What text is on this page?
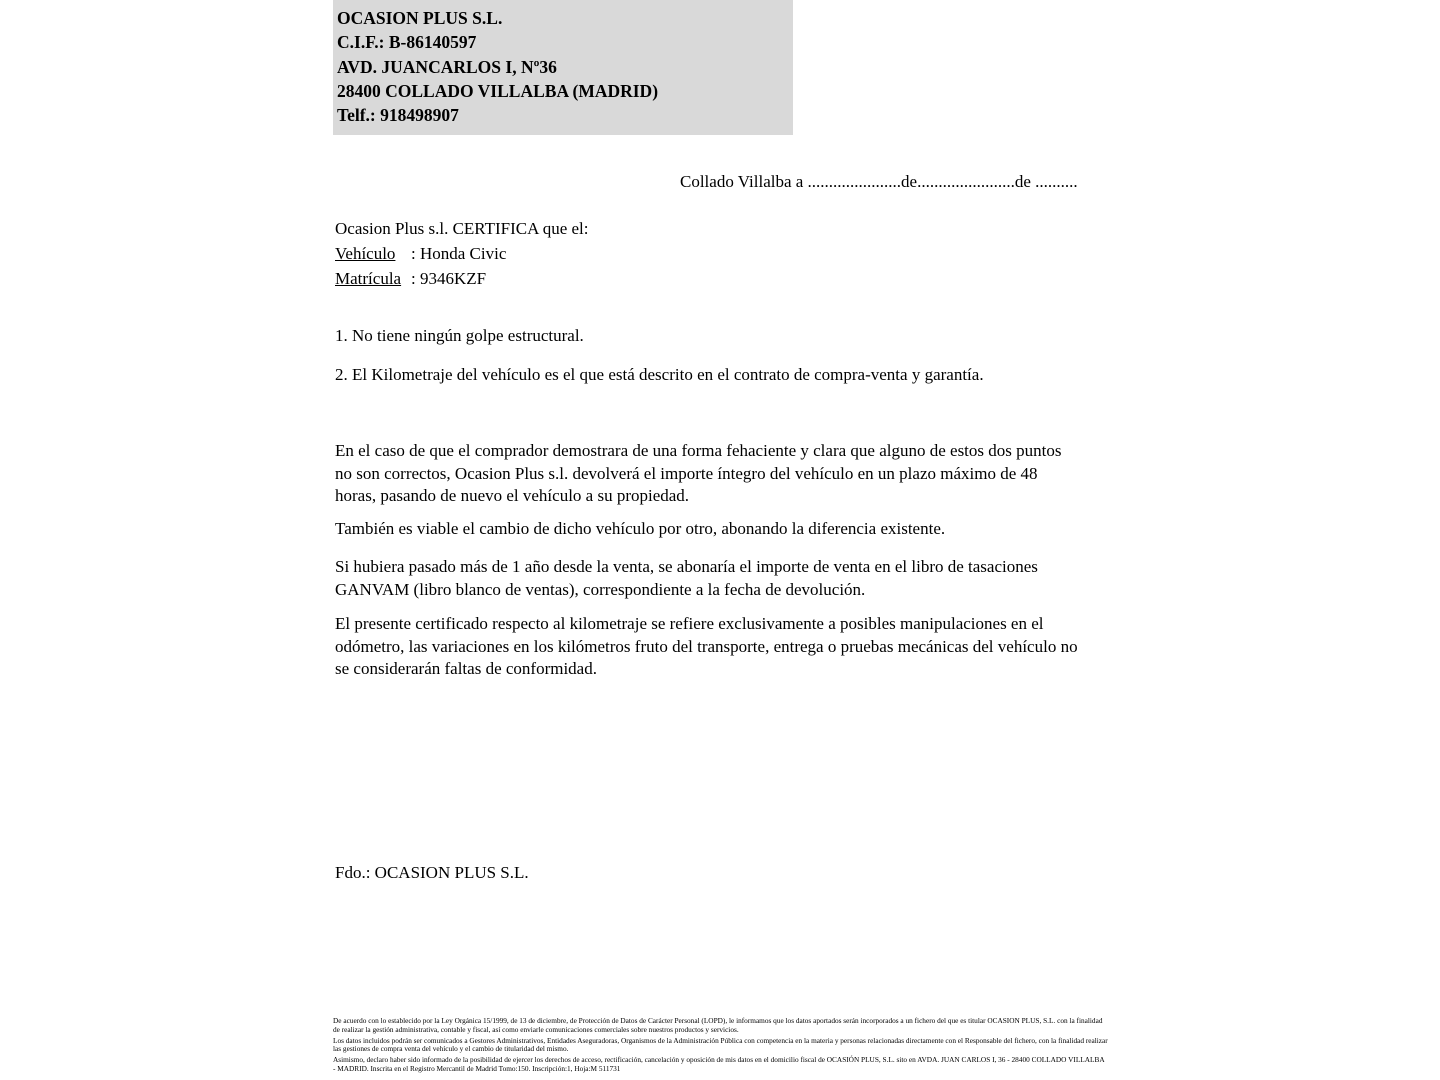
OCASION PLUS S.L.
C.I.F.: B-86140597
AVD. JUANCARLOS I, Nº36
28400 COLLADO VILLALBA (MADRID)
Telf.: 918498907
Collado Villalba a ......................de.......................de ..........
Ocasion Plus s.l. CERTIFICA que el:
Vehículo : Honda Civic
Matrícula : 9346KZF
1. No tiene ningún golpe estructural.
2. El Kilometraje del vehículo es el que está descrito en el contrato de compra-venta y garantía.
En el caso de que el comprador demostrara de una forma fehaciente y clara que alguno de estos dos puntos no son correctos, Ocasion Plus s.l. devolverá el importe íntegro del vehículo en un plazo máximo de 48 horas, pasando de nuevo el vehículo a su propiedad.
También es viable el cambio de dicho vehículo por otro, abonando la diferencia existente.
Si hubiera pasado más de 1 año desde la venta, se abonaría el importe de venta en el libro de tasaciones GANVAM (libro blanco de ventas), correspondiente a la fecha de devolución.
El presente certificado respecto al kilometraje se refiere exclusivamente a posibles manipulaciones en el odómetro, las variaciones en los kilómetros fruto del transporte, entrega o pruebas mecánicas del vehículo no se considerarán faltas de conformidad.
Fdo.: OCASION PLUS S.L.

De acuerdo con lo establecido por la Ley Orgánica 15/1999, de 13 de diciembre, de Protección de Datos de Carácter Personal (LOPD), le informamos que los datos aportados serán incorporados a un fichero del que es titular OCASION PLUS, S.L. con la finalidad de realizar la gestión administrativa, contable y fiscal, así como enviarle comunicaciones comerciales sobre nuestros productos y servicios.

Los datos incluidos podrán ser comunicados a Gestores Administrativos, Entidades Aseguradoras, Organismos de la Administración Pública con competencia en la materia y personas relacionadas directamente con el Responsable del fichero, con la finalidad realizar las gestiones de compra venta del vehículo y el cambio de titularidad del mismo.

Asimismo, declaro haber sido informado de la posibilidad de ejercer los derechos de acceso, rectificación, cancelación y oposición de mis datos en el domicilio fiscal de OCASIÓN PLUS, S.L. sito en AVDA. JUAN CARLOS I, 36 - 28400 COLLADO VILLALBA - MADRID. Inscrita en el Registro Mercantil de Madrid Tomo:150. Inscripción:1, Hoja:M 511731
